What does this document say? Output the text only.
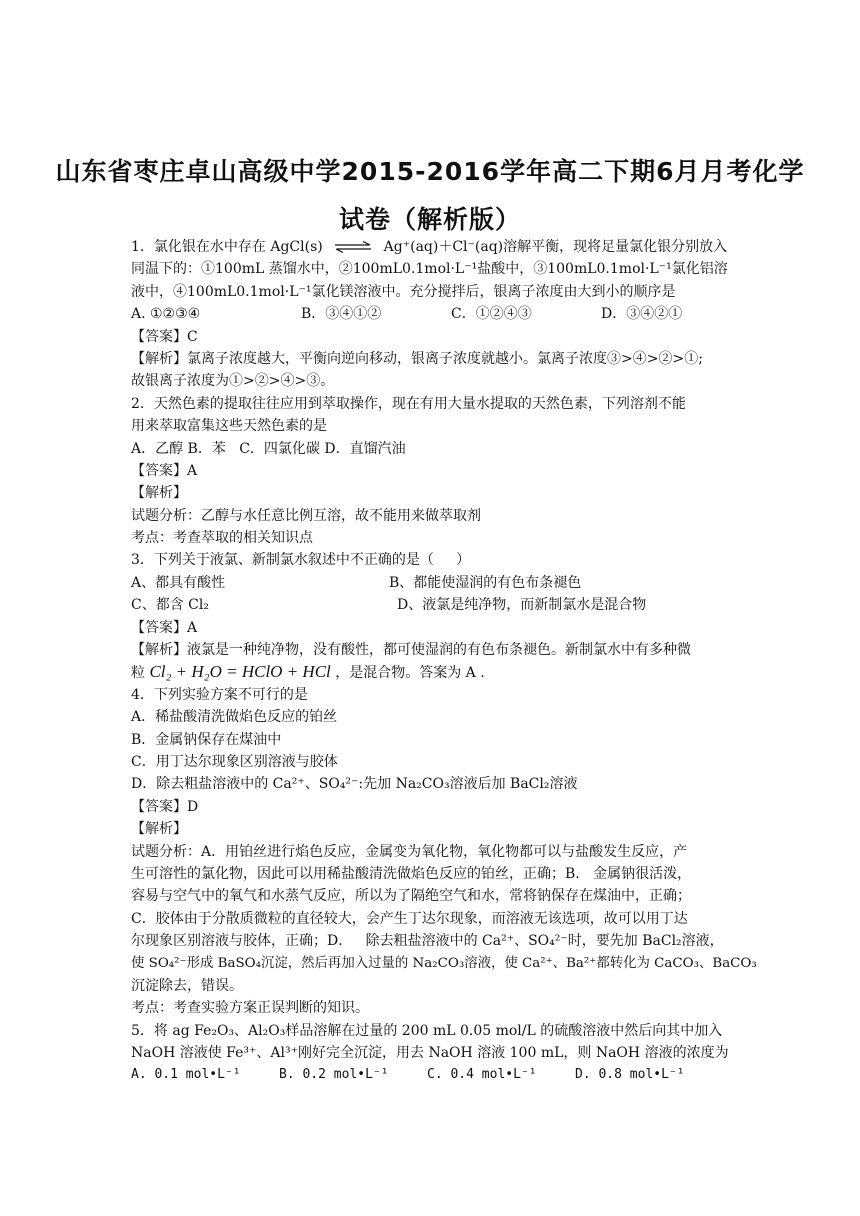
山东省枣庄卓山高级中学2015-2016学年高二下期6月月考化学
试卷（解析版）
1．氯化银在水中存在 AgCl(s) ⇌ Ag⁺(aq)＋Cl⁻(aq)溶解平衡，现将足量氯化银分别放入
同温下的：①100mL 蒸馏水中，②100mL0.1mol·L⁻¹盐酸中，③100mL0.1mol·L⁻¹氯化铝溶
液中，④100mL0.1mol·L⁻¹氯化镁溶液中。充分搅拌后，银离子浓度由大到小的顺序是
A. ①②③④	B．③④①②	C．①②④③	D．③④②①
【答案】C
【解析】氯离子浓度越大，平衡向逆向移动，银离子浓度就越小。氯离子浓度③>④>②>①;
故银离子浓度为①>②>④>③。
2．天然色素的提取往往应用到萃取操作，现在有用大量水提取的天然色素，下列溶剂不能
用来萃取富集这些天然色素的是
A．乙醇 B．苯   C．四氯化碳 D．直馏汽油
【答案】A
【解析】
试题分析：乙醇与水任意比例互溶，故不能用来做萃取剂
考点：考查萃取的相关知识点
3．下列关于液氯、新制氯水叙述中不正确的是（     ）
A、都具有酸性	B、都能使湿润的有色布条褪色
C、都含 Cl₂	D、液氯是纯净物，而新制氯水是混合物
【答案】A
【解析】液氯是一种纯净物，没有酸性，都可使湿润的有色布条褪色。新制氯水中有多种微
粒 Cl₂ + H₂O = HClO + HCl ，是混合物。答案为 A .
4．下列实验方案不可行的是
A．稀盐酸清洗做焰色反应的铂丝
B．金属钠保存在煤油中
C．用丁达尔现象区别溶液与胶体
D．除去粗盐溶液中的 Ca²⁺、SO₄²⁻:先加 Na₂CO₃溶液后加 BaCl₂溶液
【答案】D
【解析】
试题分析：A．用铂丝进行焰色反应，金属变为氧化物，氧化物都可以与盐酸发生反应，产
生可溶性的氯化物，因此可以用稀盐酸清洗做焰色反应的铂丝，正确；B.   金属钠很活泼，
容易与空气中的氧气和水蒸气反应，所以为了隔绝空气和水，常将钠保存在煤油中，正确；
C．胶体由于分散质微粒的直径较大，会产生丁达尔现象，而溶液无该选项，故可以用丁达
尔现象区别溶液与胶体，正确；D．   除去粗盐溶液中的 Ca²⁺、SO₄²⁻时，要先加 BaCl₂溶液，
使 SO₄²⁻形成 BaSO₄沉淀，然后再加入过量的 Na₂CO₃溶液，使 Ca²⁺、Ba²⁺都转化为 CaCO₃、BaCO₃
沉淀除去，错误。
考点：考查实验方案正误判断的知识。
5．将 ag Fe₂O₃、Al₂O₃样品溶解在过量的 200 mL 0.05 mol/L 的硫酸溶液中然后向其中加入
NaOH 溶液使 Fe³⁺、Al³⁺刚好完全沉淀，用去 NaOH 溶液 100 mL，则 NaOH 溶液的浓度为
A. 0.1 mol•L⁻¹	B. 0.2 mol•L⁻¹	C. 0.4 mol•L⁻¹	D. 0.8 mol•L⁻¹
